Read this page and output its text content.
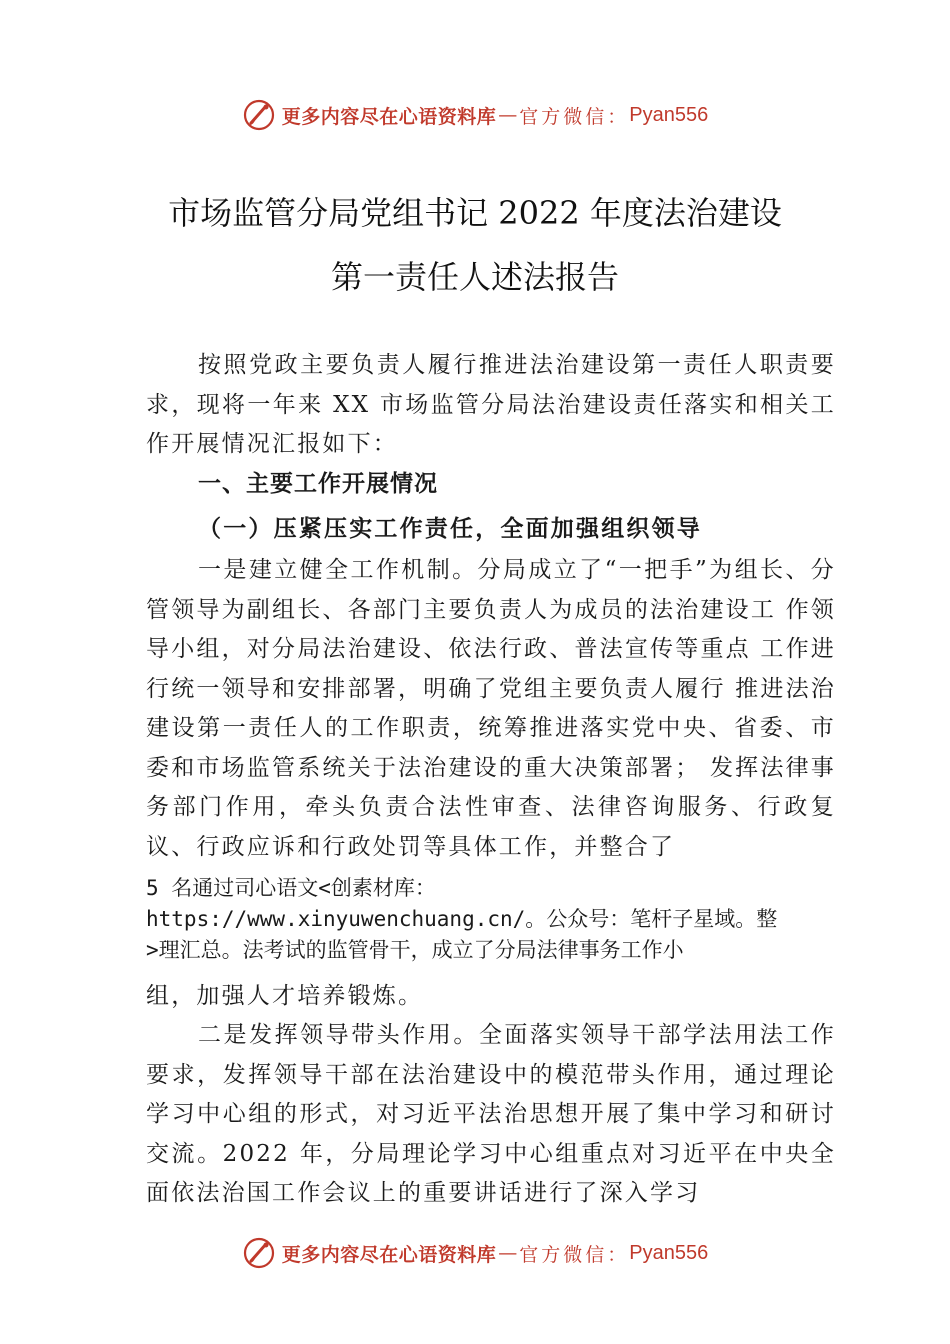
更多内容尽在心语资料库 — 官方微信： Pyan556
市场监管分局党组书记 2022 年度法治建设
第一责任人述法报告

按照党政主要负责人履行推进法治建设第一责任人职责要求，现将一年来 XX 市场监管分局法治建设责任落实和相关工作开展情况汇报如下：

一、主要工作开展情况
（一）压紧压实工作责任，全面加强组织领导

一是建立健全工作机制。分局成立了“一把手”为组长、分管领导为副组长、各部门主要负责人为成员的法治建设工 作领导小组，对分局法治建设、依法行政、普法宣传等重点 工作进行统一领导和安排部署，明确了党组主要负责人履行 推进法治建设第一责任人的工作职责，统筹推进落实党中央、省委、市委和市场监管系统关于法治建设的重大决策部署； 发挥法律事务部门作用，牵头负责合法性审查、法律咨询服务、行政复议、行政应诉和行政处罚等具体工作，并整合了

5 名通过司心语文<创素材库：
https://www.xinyuwenchuang.cn/。公众号：笔杆子星域。整
>理汇总。法考试的监管骨干，成立了分局法律事务工作小

组，加强人才培养锻炼。

二是发挥领导带头作用。全面落实领导干部学法用法工作要求，发挥领导干部在法治建设中的模范带头作用，通过理论学习中心组的形式，对习近平法治思想开展了集中学习和研讨交流。2022 年，分局理论学习中心组重点对习近平在中央全面依法治国工作会议上的重要讲话进行了深入学习

更多内容尽在心语资料库 — 官方微信： Pyan556
